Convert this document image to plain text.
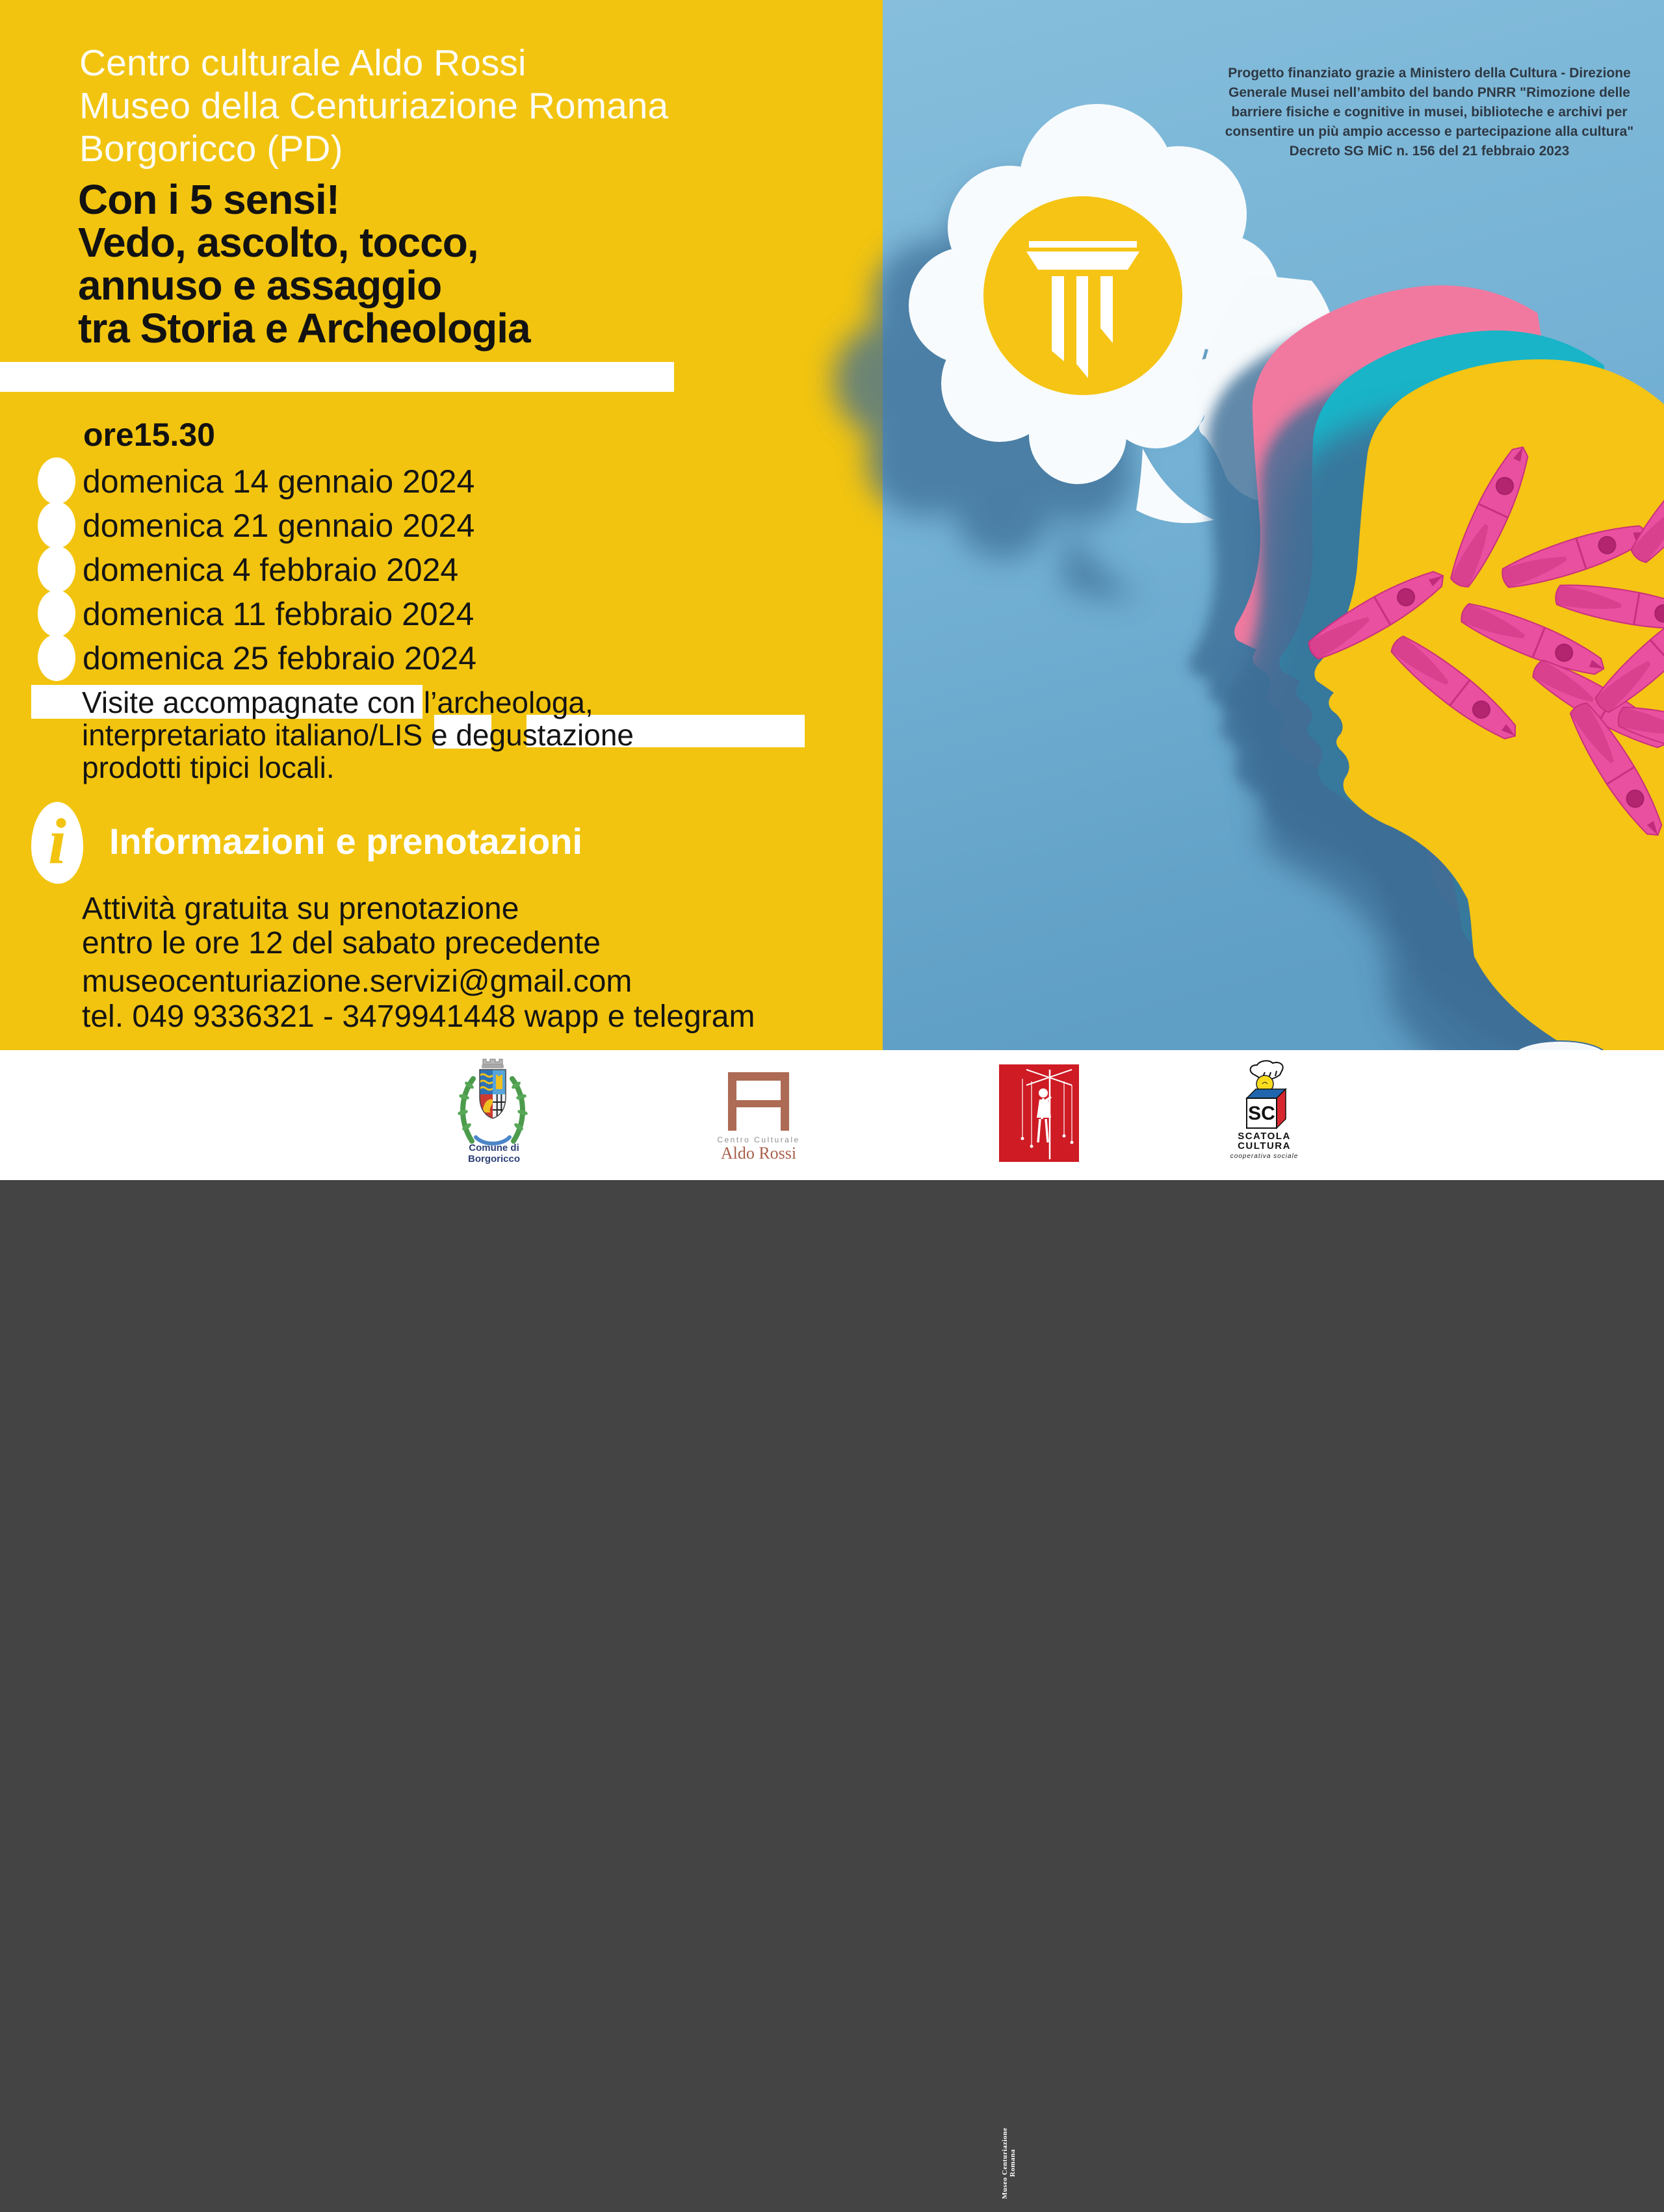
Centro culturale Aldo Rossi
Museo della Centuriazione Romana
Borgoricco (PD)
Con i 5 sensi!
Vedo, ascolto, tocco,
annuso e assaggio
tra Storia e Archeologia
ore15.30
domenica 14 gennaio 2024
domenica 21 gennaio 2024
domenica 4 febbraio 2024
domenica 11 febbraio 2024
domenica 25 febbraio 2024
Visite accompagnate con l’archeologa,
interpretariato italiano/LIS e degustazione
prodotti tipici locali.
i	Informazioni e prenotazioni
Attività gratuita su prenotazione
entro le ore 12 del sabato precedente
museocenturiazione.servizi@gmail.com
tel. 049 9336321 - 3479941448 wapp e telegram
Progetto finanziato grazie a Ministero della Cultura - Direzione
Generale Musei nell’ambito del bando PNRR "Rimozione delle
barriere fisiche e cognitive in musei, biblioteche e archivi per
consentire un più ampio accesso e partecipazione alla cultura"
Decreto SG MiC n. 156 del 21 febbraio 2023
Comune di
Borgoricco
Centro Culturale
Aldo Rossi
Museo Centuriazione Romana
SC
SCATOLA
CULTURA
cooperativa sociale
